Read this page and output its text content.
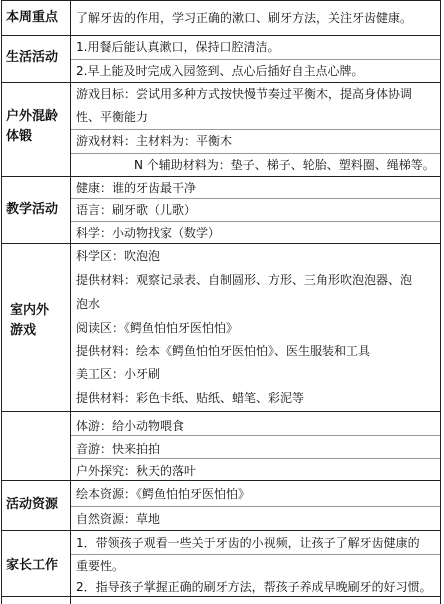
本周重点 了解牙齿的作用，学习正确的漱口、刷牙方法，关注牙齿健康。
生活活动
1.用餐后能认真漱口，保持口腔清洁。
2.早上能及时完成入园签到、点心后插好自主点心牌。
户外混龄
体锻
游戏目标：尝试用多种方式按快慢节奏过平衡木，提高身体协调
性、平衡能力
游戏材料：主材料为：平衡木
N 个辅助材料为：垫子、梯子、轮胎、塑料圈、绳梯等。
教学活动
健康：谁的牙齿最干净
语言：刷牙歌（儿歌）
科学：小动物找家（数学）
室内外
游戏
科学区：吹泡泡
提供材料：观察记录表、自制圆形、方形、三角形吹泡泡器、泡
泡水
阅读区：《鳄鱼怕怕牙医怕怕》
提供材料：绘本《鳄鱼怕怕牙医怕怕》、医生服装和工具
美工区：小牙刷
提供材料：彩色卡纸、贴纸、蜡笔、彩泥等
体游：给小动物喂食
音游：快来拍拍
户外探究：秋天的落叶
活动资源
绘本资源：《鳄鱼怕怕牙医怕怕》
自然资源：草地
家长工作
1．带领孩子观看一些关于牙齿的小视频，让孩子了解牙齿健康的
重要性。
2．指导孩子掌握正确的刷牙方法，帮孩子养成早晚刷牙的好习惯。
